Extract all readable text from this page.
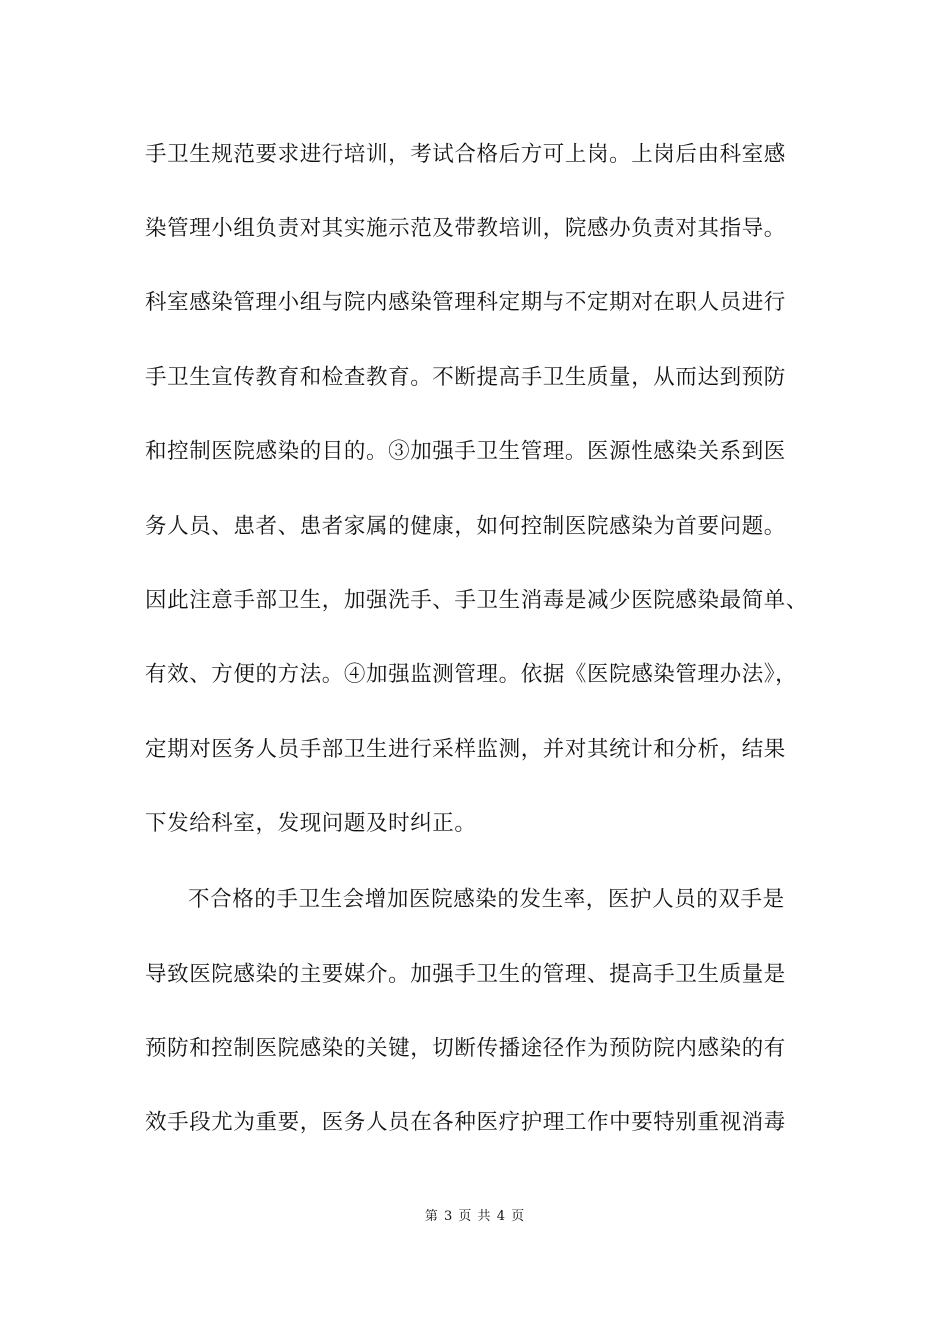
手卫生规范要求进行培训，考试合格后方可上岗。上岗后由科室感
染管理小组负责对其实施示范及带教培训，院感办负责对其指导。
科室感染管理小组与院内感染管理科定期与不定期对在职人员进行
手卫生宣传教育和检查教育。不断提高手卫生质量，从而达到预防
和控制医院感染的目的。③加强手卫生管理。医源性感染关系到医
务人员、患者、患者家属的健康，如何控制医院感染为首要问题。
因此注意手部卫生，加强洗手、手卫生消毒是减少医院感染最简单、
有效、方便的方法。④加强监测管理。依据《医院感染管理办法》，
定期对医务人员手部卫生进行采样监测，并对其统计和分析，结果
下发给科室，发现问题及时纠正。
不合格的手卫生会增加医院感染的发生率，医护人员的双手是
导致医院感染的主要媒介。加强手卫生的管理、提高手卫生质量是
预防和控制医院感染的关键，切断传播途径作为预防院内感染的有
效手段尤为重要，医务人员在各种医疗护理工作中要特别重视消毒
第 3 页 共 4 页
